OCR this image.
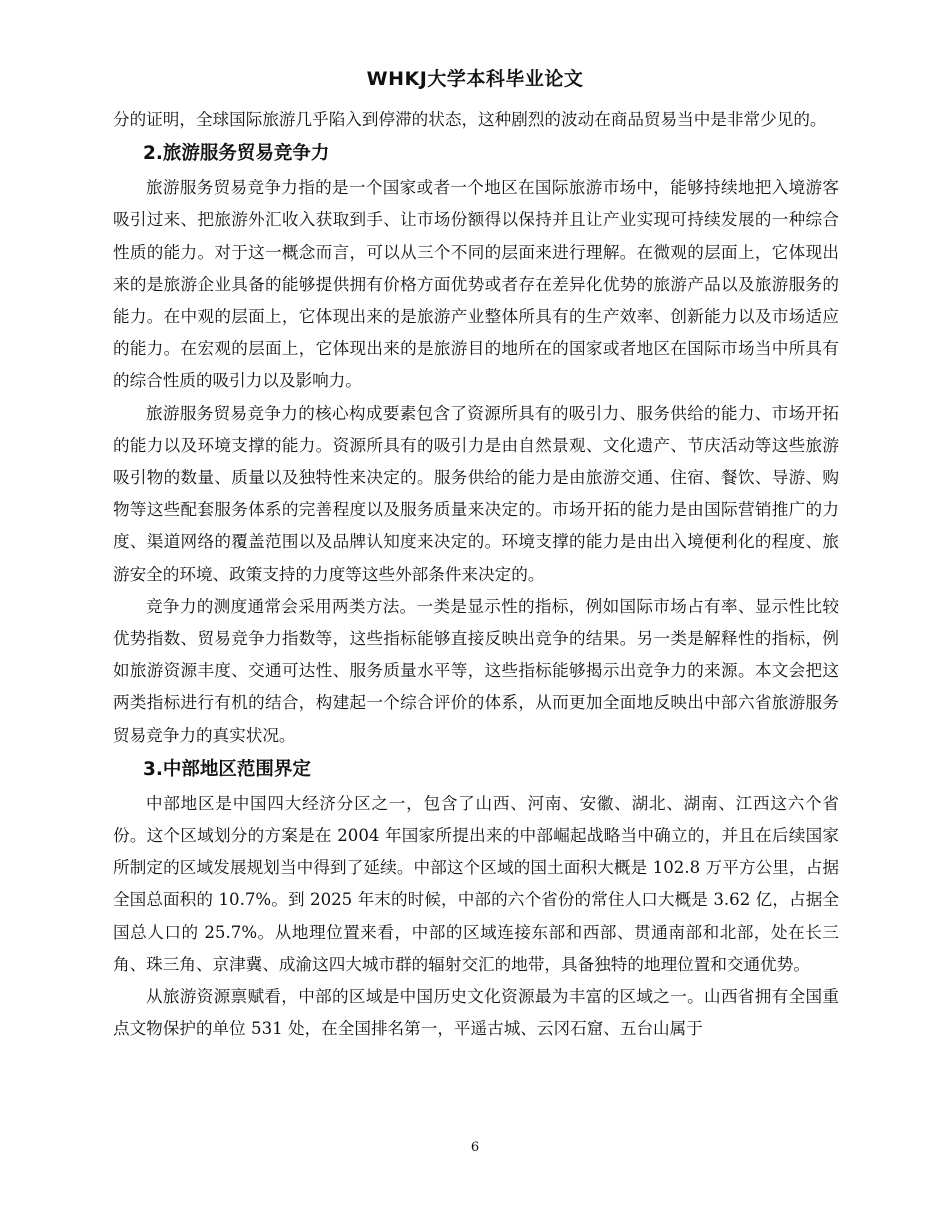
WHKJ大学本科毕业论文

分的证明，全球国际旅游几乎陷入到停滞的状态，这种剧烈的波动在商品贸易当中是非常少见的。

2.旅游服务贸易竞争力

旅游服务贸易竞争力指的是一个国家或者一个地区在国际旅游市场中，能够持续地把入境游客吸引过来、把旅游外汇收入获取到手、让市场份额得以保持并且让产业实现可持续发展的一种综合性质的能力。对于这一概念而言，可以从三个不同的层面来进行理解。在微观的层面上，它体现出来的是旅游企业具备的能够提供拥有价格方面优势或者存在差异化优势的旅游产品以及旅游服务的能力。在中观的层面上，它体现出来的是旅游产业整体所具有的生产效率、创新能力以及市场适应的能力。在宏观的层面上，它体现出来的是旅游目的地所在的国家或者地区在国际市场当中所具有的综合性质的吸引力以及影响力。

旅游服务贸易竞争力的核心构成要素包含了资源所具有的吸引力、服务供给的能力、市场开拓的能力以及环境支撑的能力。资源所具有的吸引力是由自然景观、文化遗产、节庆活动等这些旅游吸引物的数量、质量以及独特性来决定的。服务供给的能力是由旅游交通、住宿、餐饮、导游、购物等这些配套服务体系的完善程度以及服务质量来决定的。市场开拓的能力是由国际营销推广的力度、渠道网络的覆盖范围以及品牌认知度来决定的。环境支撑的能力是由出入境便利化的程度、旅游安全的环境、政策支持的力度等这些外部条件来决定的。

竞争力的测度通常会采用两类方法。一类是显示性的指标，例如国际市场占有率、显示性比较优势指数、贸易竞争力指数等，这些指标能够直接反映出竞争的结果。另一类是解释性的指标，例如旅游资源丰度、交通可达性、服务质量水平等，这些指标能够揭示出竞争力的来源。本文会把这两类指标进行有机的结合，构建起一个综合评价的体系，从而更加全面地反映出中部六省旅游服务贸易竞争力的真实状况。

3.中部地区范围界定

中部地区是中国四大经济分区之一，包含了山西、河南、安徽、湖北、湖南、江西这六个省份。这个区域划分的方案是在 2004 年国家所提出来的中部崛起战略当中确立的，并且在后续国家所制定的区域发展规划当中得到了延续。中部这个区域的国土面积大概是 102.8 万平方公里，占据全国总面积的 10.7%。到 2025 年末的时候，中部的六个省份的常住人口大概是 3.62 亿，占据全国总人口的 25.7%。从地理位置来看，中部的区域连接东部和西部、贯通南部和北部，处在长三角、珠三角、京津冀、成渝这四大城市群的辐射交汇的地带，具备独特的地理位置和交通优势。

从旅游资源禀赋看，中部的区域是中国历史文化资源最为丰富的区域之一。山西省拥有全国重点文物保护的单位 531 处，在全国排名第一，平遥古城、云冈石窟、五台山属于

6
